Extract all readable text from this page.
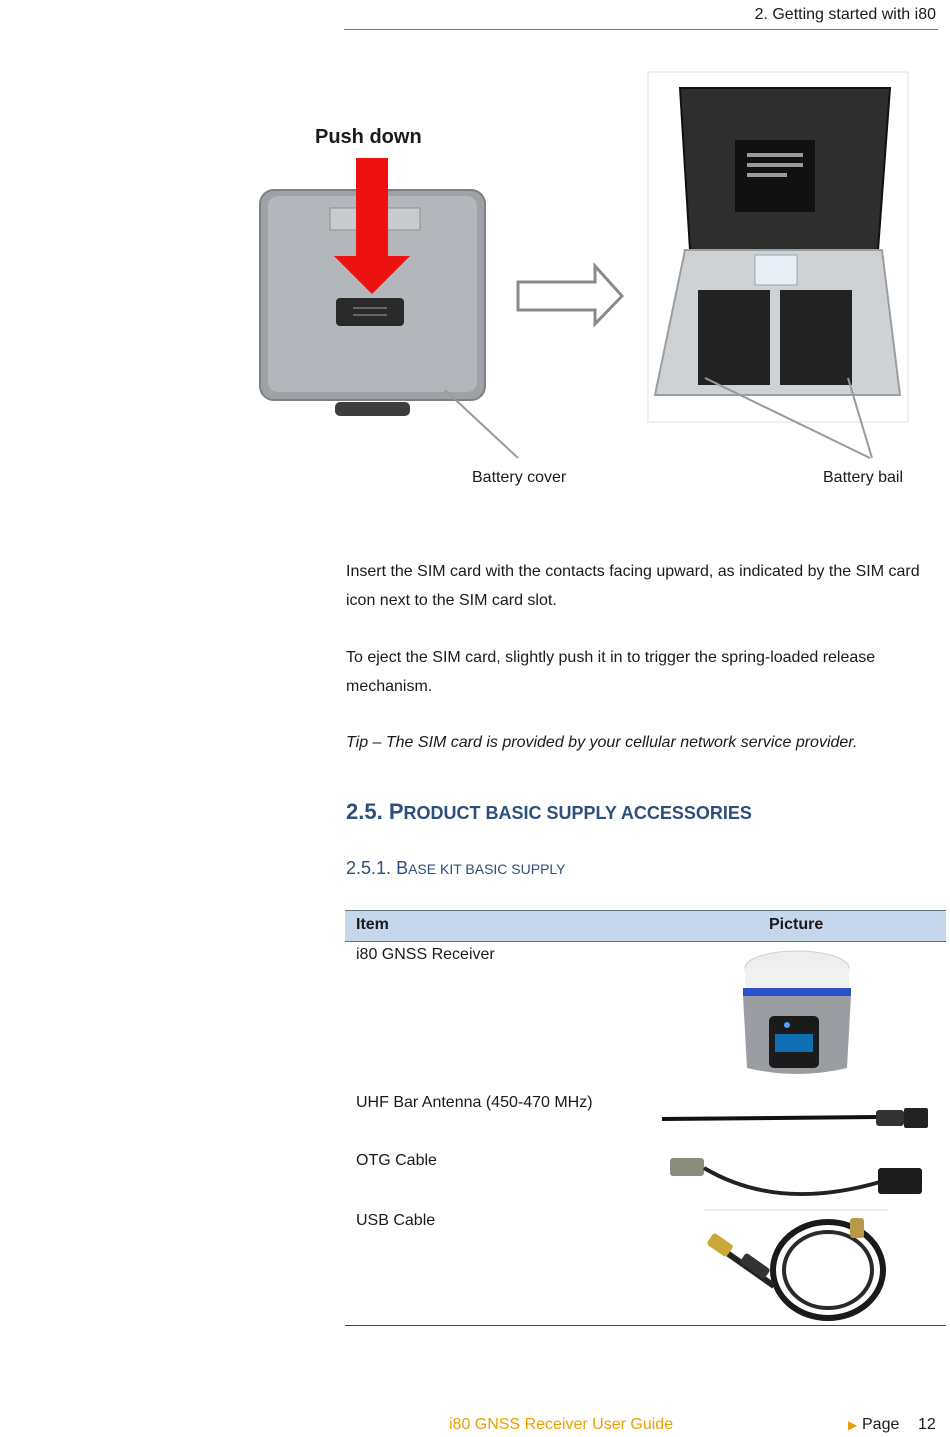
2. Getting started with i80
Push down
Battery cover	Battery bail
Insert the SIM card with the contacts facing upward, as indicated by the SIM card icon next to the SIM card slot.
To eject the SIM card, slightly push it in to trigger the spring-loaded release mechanism.
Tip – The SIM card is provided by your cellular network service provider.
2.5. PRODUCT BASIC SUPPLY ACCESSORIES
2.5.1. BASE KIT BASIC SUPPLY
Item	Picture
i80 GNSS Receiver
UHF Bar Antenna (450-470 MHz)
OTG Cable
USB Cable
i80 GNSS Receiver User Guide	▶ Page 12
